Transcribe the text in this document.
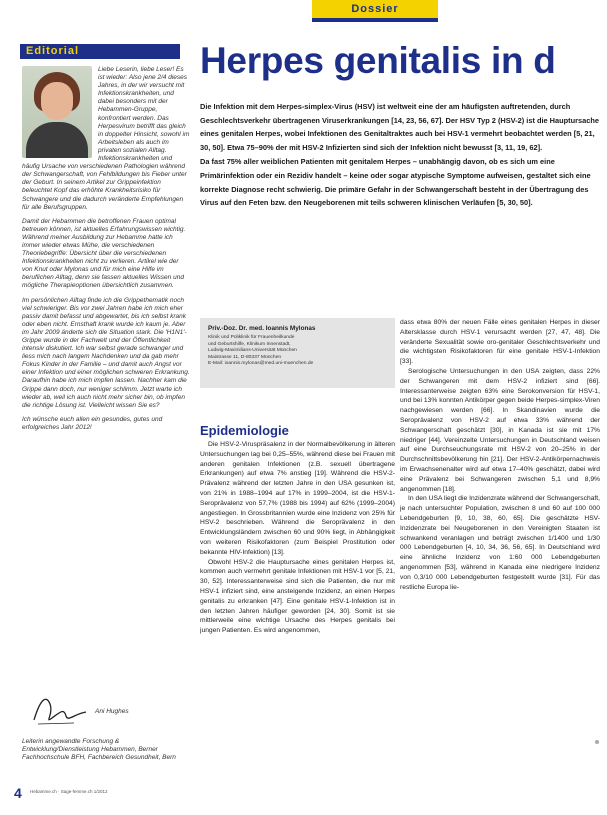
Dossier
Editorial

Liebe Leserin, liebe Leser! Es ist wieder: Also jene 2/4 dieses Jahres, in der wir versucht mit Infektionskrankheiten, und dabei besonders mit der Hebammen-Gruppe, konfrontiert werden. Das Herpesvirum betrifft das gleich in doppelter Hinsicht, sowohl im Arbeitsleben als auch im privaten sozialen Alltag. Infektionskrankheiten und häufig Ursache von verschiedenen Pathologien während der Schwangerschaft, von Fehlbildungen bis Fieber unter der Geburt. In seinem Artikel zur Grippeinfektion beleuchtet Kopf das erhöhte Krankheitsrisiko für Schwangere und die dadurch veränderte Empfehlungen für alle Berufsgruppen.

Damit der Hebammen die betroffenen Frauen optimal betreuen können, ist aktuelles Erfahrungswissen wichtig. Während meiner Ausbildung zur Hebamme hatte ich immer wieder etwas Mühe, die verschiedenen Theoriebegriffe: Übersicht über die verschiedenen Infektionskrankheiten nicht zu verlieren. Artikel wie der von Knut oder Mylonas und für mich eine Hilfe im beruflichen Alltag, denn sie fassen aktuelles Wissen und mögliche Therapieoptionen übersichtlich zusammen.

Im persönlichen Alltag finde ich die Grippethematik noch viel schwieriger. Bis vor zwei Jahren habe ich mich eher passiv damit befasst und abgewartet, bis ich selbst krank oder eben nicht. Ernsthaft krank wurde ich kaum je. Aber im Jahr 2009 änderte sich die Situation stark. Die 'H1N1'-Grippe wurde in der Fachwelt und der Öffentlichkeit intensiv diskutiert. Ich war selbst gerade schwanger und liess mich nach langem Nachdenken und da gab mehr Fokus Kinder in der Familie – und damit auch Angst vor einer Infektion und einer möglichen schweren Erkrankung. Daraufhin habe ich mich impfen lassen. Nachher kam die Grippe dann doch, nur weniger schlimm. Jetzt warte ich wieder ab, weil ich auch nicht mehr sicher bin, ob impfen die richtige Lösung ist. Vielleicht wissen Sie es?

Ich wünsche euch allen ein gesundes, gutes und erfolgreiches Jahr 2012!

Ani Hughes
Leiterin angewandte Forschung & Entwicklung/Dienstleistung Hebammen, Berner Fachhochschule BFH, Fachbereich Gesundheit, Bern
4 Hebamme.ch · Sage-femme.ch 1/2012
Herpes genitalis in d

Die Infektion mit dem Herpes-simplex-Virus (HSV) ist weltweit eine der am häufigsten auftretenden, durch Geschlechtsverkehr übertragenen Viruserkrankungen [14, 23, 56, 67]. Der HSV Typ 2 (HSV-2) ist die Hauptursache eines genitalen Herpes, wobei Infektionen des Genitaltraktes auch bei HSV-1 vermehrt beobachtet werden [5, 21, 30, 50]. Etwa 75–90% der mit HSV-2 Infizierten sind sich der Infektion nicht bewusst [3, 11, 19, 62].

Da fast 75% aller weiblichen Patienten mit genitalem Herpes – unabhängig davon, ob es sich um eine Primärinfektion oder ein Rezidiv handelt – keine oder sogar atypische Symptome aufweisen, gestaltet sich eine korrekte Diagnose recht schwierig. Die primäre Gefahr in der Schwangerschaft besteht in der Übertragung des Virus auf den Feten bzw. den Neugeborenen mit teils schweren klinischen Verläufen [5, 30, 50].

Priv.-Doz. Dr. med. Ioannis Mylonas
Klinik und Poliklinik für Frauenheilkunde
und Geburtshilfe, Klinikum Innenstadt,
Ludwig-Maximilians-Universität München
Maistrasse 11, D-80337 München
E-Mail: ioannis.mylonas@med.uni-muenchen.de
Epidemiologie

Die HSV-2-Viruspräsalenz in der Normalbevölkerung in älteren Untersuchungen lag bei 0,25–55%, während diese bei Frauen mit anderen genitalen Infektionen (z.B. sexuell übertragene Erkrankungen) auf etwa 7% anstieg [19]. Während die HSV-2-Prävalenz während der letzten Jahre in den USA gesunken ist, von 21% in 1988–1994 auf 17% in 1999–2004, ist die HSV-1-Seroprävalenz von 57,7% (1988 bis 1994) auf 62% (1999–2004) angestiegen. In Grossbritannien wurde eine Inzidenz von 25% für HSV-2 beschrieben. Während die Seroprävalenz in den Entwicklungsländern zwischen 60 und 90% liegt, in Abhängigkeit von weiteren Risikofaktoren (zum Beispiel Prostitution oder bekannte HIV-Infektion) [13].

Obwohl HSV-2 die Hauptursache eines genitalen Herpes ist, kommen auch vermehrt genitale Infektionen mit HSV-1 vor [5, 21, 30, 52]. Interessanterweise sind sich die Patienten, die nur mit HSV-1 infiziert sind, eine ansteigende Inzidenz, an einen Herpes genitalis zu erkranken [47]. Eine genitale HSV-1-Infektion ist in den letzten Jahren häufiger geworden [24, 30]. Somit ist sie mittlerweile eine wichtige Ursache des Herpes genitalis bei jungen Patienten. Es wird angenommen,

dass etwa 80% der neuen Fälle eines genitalen Herpes in dieser Altersklasse durch HSV-1 verursacht werden [27, 47, 48]. Die veränderte Sexualität sowie oro-genitaler Geschlechtsverkehr und die wichtigsten Risikofaktoren für eine genitale HSV-1-Infektion [33].

Serologische Untersuchungen in den USA zeigten, dass 22% der Schwangeren mit dem HSV-2 infiziert sind [66]. Interessanterweise zeigten 63% eine Serokonversion für HSV-1, und bei 13% konnten Antikörper gegen beide Herpes-simplex-Viren nachgewiesen werden [66]. In Skandinavien wurde die Seroprävalenz von HSV-2 auf etwa 33% während der Schwangerschaft geschätzt [30], in Kanada ist sie mit 17% niedriger [44]. Vereinzelte Untersuchungen in Deutschland weisen auf eine Durchseuchungsrate mit HSV-2 von 20–25% in der Durchschnittsbevölkerung hin [21]. Der HSV-2-Antikörpernachweis im Erwachsenenalter wird auf etwa 17–40% geschätzt, dabei wird eine Prävalenz bei Schwangeren zwischen 5,1 und 8,9% angenommen [18].

In den USA liegt die Inzidenzrate während der Schwangerschaft, je nach untersuchter Population, zwischen 8 und 60 auf 100 000 Lebendgeburten [9, 10, 38, 60, 65]. Die geschätzte HSV-Inzidenzrate bei Neugeborenen in den Vereinigten Staaten ist schwankend veranlagen und beträgt zwischen 1/1400 und 1/30 000 Lebendgeburten [4, 10, 34, 36, 56, 65]. In Deutschland wird eine ähnliche Inzidenz von 1:60 000 Lebendgeburten angenommen [53], während in Kanada eine niedrigere Inzidenz von 0,3/10 000 Lebendgeburten festgestellt wurde [31]. Für das restliche Europa lie-
